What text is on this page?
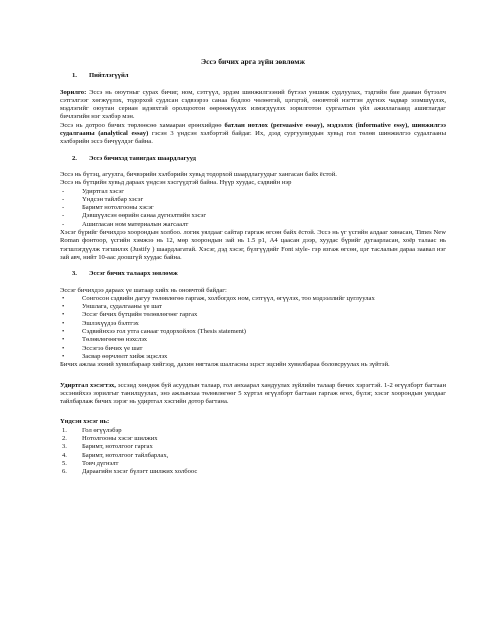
Эссэ бичих арга зүйн зөвлөмж
1. Пийтлэгүүйл

Зорилго: Эссэ нь оюутныг сурах бичиг, ном, сэтгүүл, эрдэм шинжилгээний бүтээл уншиж судлуулах, тэдгийн бие дааван бүтээлч сэтгэлгээг хөгжүүлэх, тодорхой судлсан сэдвээрээ санаа бодлоо чөлөөтэй, цэгцтэй, оновчтой нэгтгэн дүгнэх чадвар эзэмшүүлэх, мэдлэгийг оюутан сериан идэвхтэй оролцоотон өөрөөжүүлэх измэгдүүлэх зорилготон сургалтын үйл ажиллагааид ашиглагдаг бичлэгийн нэг хэлбэр мэн.

Эссэ нь дотроо бичих төрлөөсөө хамааран ерөнхийдөө батлан нотлох (persuasive essay), мэдээлэх (informative essy), шинжилгээ судалгааны (analytical essay) гэсэн 3 үндсэн хэлбэртэй байдаг. Их, дээд сургуулиудын хувьд гол төлөв шинжилгээ судалгааны хэлбэрийн эссэ бичүүлдэг байна.

2. Эссэ бичихэд тавигдах шаардлагууд

Эссэ нь бүтэц, агуулга, бичвэрийн хэлбэрийн хувьд тодорхой шаардлагуудыг хангасан байх ёстой.

Эссэ нь бүтцийн хувьд дараах үндсэн хэсгүүдтэй байна. Нүүр хуудас, сэдвийн нэр

-	Удиртгал хэсэг
-	Үндсэн тайлбар хэсэг
-	Баримт нотолгооны хэсэг
-	Дэвшүүлсэн өөрийн санаа дүгнэлтийн хэсэг
-	Ашигласан ном материалын жагсаалт

Хэсэг бүрийг бичихдээ хоорондын холбоо. логик уялдааг сайтар гаргаж өгсөн байх ёстой. Эссэ нь үг үсгийн алдааг хянасан, Times New Roman фонтоор, үсгийн хэмжээ нь 12, мөр хоорондын зай нь 1.5 р1, А4 цаасан дээр, хуудас бүрийг дугаарласан, хоёр талаас нь тэгшлэгдүүлж тэгшилэх (Justify ) шаардлагатай. Хэсэг, дэд хэсэг, бүлгүүдийг Font style- гэр язгаж өгсөн, цэг таслалын дараа заавал нэг зай авч, нийт 10-аас доошгүй хуудас байна.

3. Эссэг бичих талаарх зөвлөмж

Эссэг бичихдээ дараах үе шатаар хийх нь оновчтой байдаг:

•	Сонгосон сэдвийн дагуу төлөвлөгөө гаргаж, холбогдох ном, сэтгүүл, өгүүлэх, тоо мэдээллийг цуглуулах
•	Уншлага, судалгааны үе шат
•	Эссэг бичих бүтцийн төлөвлөгөөг гаргах
•	Эшлэхүүдээ бэлтгэх
•	Сэдвийнхээ гол утга санааг тодорхойлох (Thesis statement)
•	Төлөвлөгөөгөө нэхслэх
•	Эссэгээ бичих үе шат
•	Засвар өөрчлөлт хийж эцэслэх

Бичих ажлаа эхний хувилбараар хийгээд, дахин нягталж шалгасны эцэст эцсийн хувилбараа боловсруулах нь зүйтэй.

Удиртгал хэсэгтэх, эссэид хөндөж буй асуудлын талаар, гол анхаарал хандуулах зүйлийн талаар бичих хэрэгтэй. 1-2 өгүүлбэрт багтаан эссэнийхээ зорилгыг танилцуулах, энэ ажлынхаа төлөвлөгөөг 5 хүртэл өгүүлбэрт багтаан гаргаж өгөх, бүлэг, хэсэг хоорондын уялдааг тайлбарлаж бичих зэрэг нь удиртгал хэсгийн дотор багтана.

Үндсэн хэсэг нь:

1. Гол өгүүлэбэр
2. Нотолгооны хэсэг шилжих
3. Баримт, нотолгоог гаргах
4. Баримт, нотолгоог тайлбарлах,
5. Товч дүгнэлт
6. Дараагийн хэсэг бүлэгт шилжих холбоос
